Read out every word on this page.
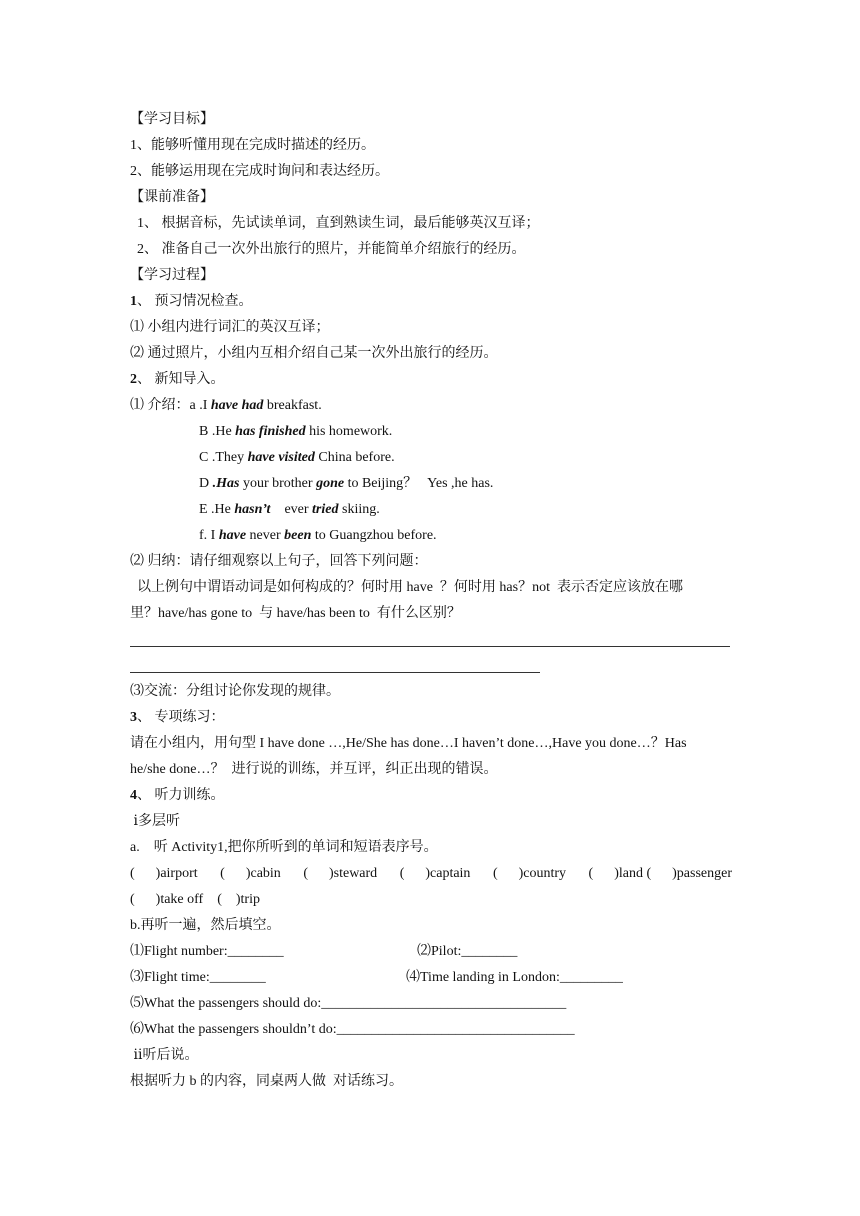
【学习目标】
1、能够听懂用现在完成时描述的经历。
2、能够运用现在完成时询问和表达经历。
【课前准备】
1、 根据音标，先试读单词，直到熟读生词，最后能够英汉互译；
2、 准备自己一次外出旅行的照片，并能简单介绍旅行的经历。
【学习过程】
1、 预习情况检查。
⑴ 小组内进行词汇的英汉互译；
⑵ 通过照片，小组内互相介绍自己某一次外出旅行的经历。
2、 新知导入。
⑴ 介绍：a .I have had breakfast.
B .He has finished his homework.
C .They have visited China before.
D .Has your brother gone to Beijing？   Yes ,he has.
E .He hasn’t    ever tried skiing.
f. I have never been to Guangzhou before.
⑵ 归纳：请仔细观察以上句子，回答下列问题：
以上例句中谓语动词是如何构成的？何时用 have  ？何时用 has？not  表示否定应该放在哪
里？have/has gone to  与 have/has been to  有什么区别？
⑶交流：分组讨论你发现的规律。
3、 专项练习：
请在小组内，用句型 I have done …,He/She has done…I haven’t done…,Have you done…？Has
he/she done…？  进行说的训练，并互评，纠正出现的错误。
4、 听力训练。
ⅰ多层听
a.    听 Activity1,把你所听到的单词和短语表序号。
(      )airport (      )cabin (      )steward (      )captain (      )country (      )land (      )passenger
(      )take off    (    )trip
b.再听一遍，然后填空。
⑴Flight number:________	⑵Pilot:________
⑶Flight time:________	⑷Time landing in London:_________
⑸What the passengers should do:___________________________________
⑹What the passengers shouldn’t do:__________________________________
ⅱ听后说。
根据听力 b 的内容，同桌两人做  对话练习。
